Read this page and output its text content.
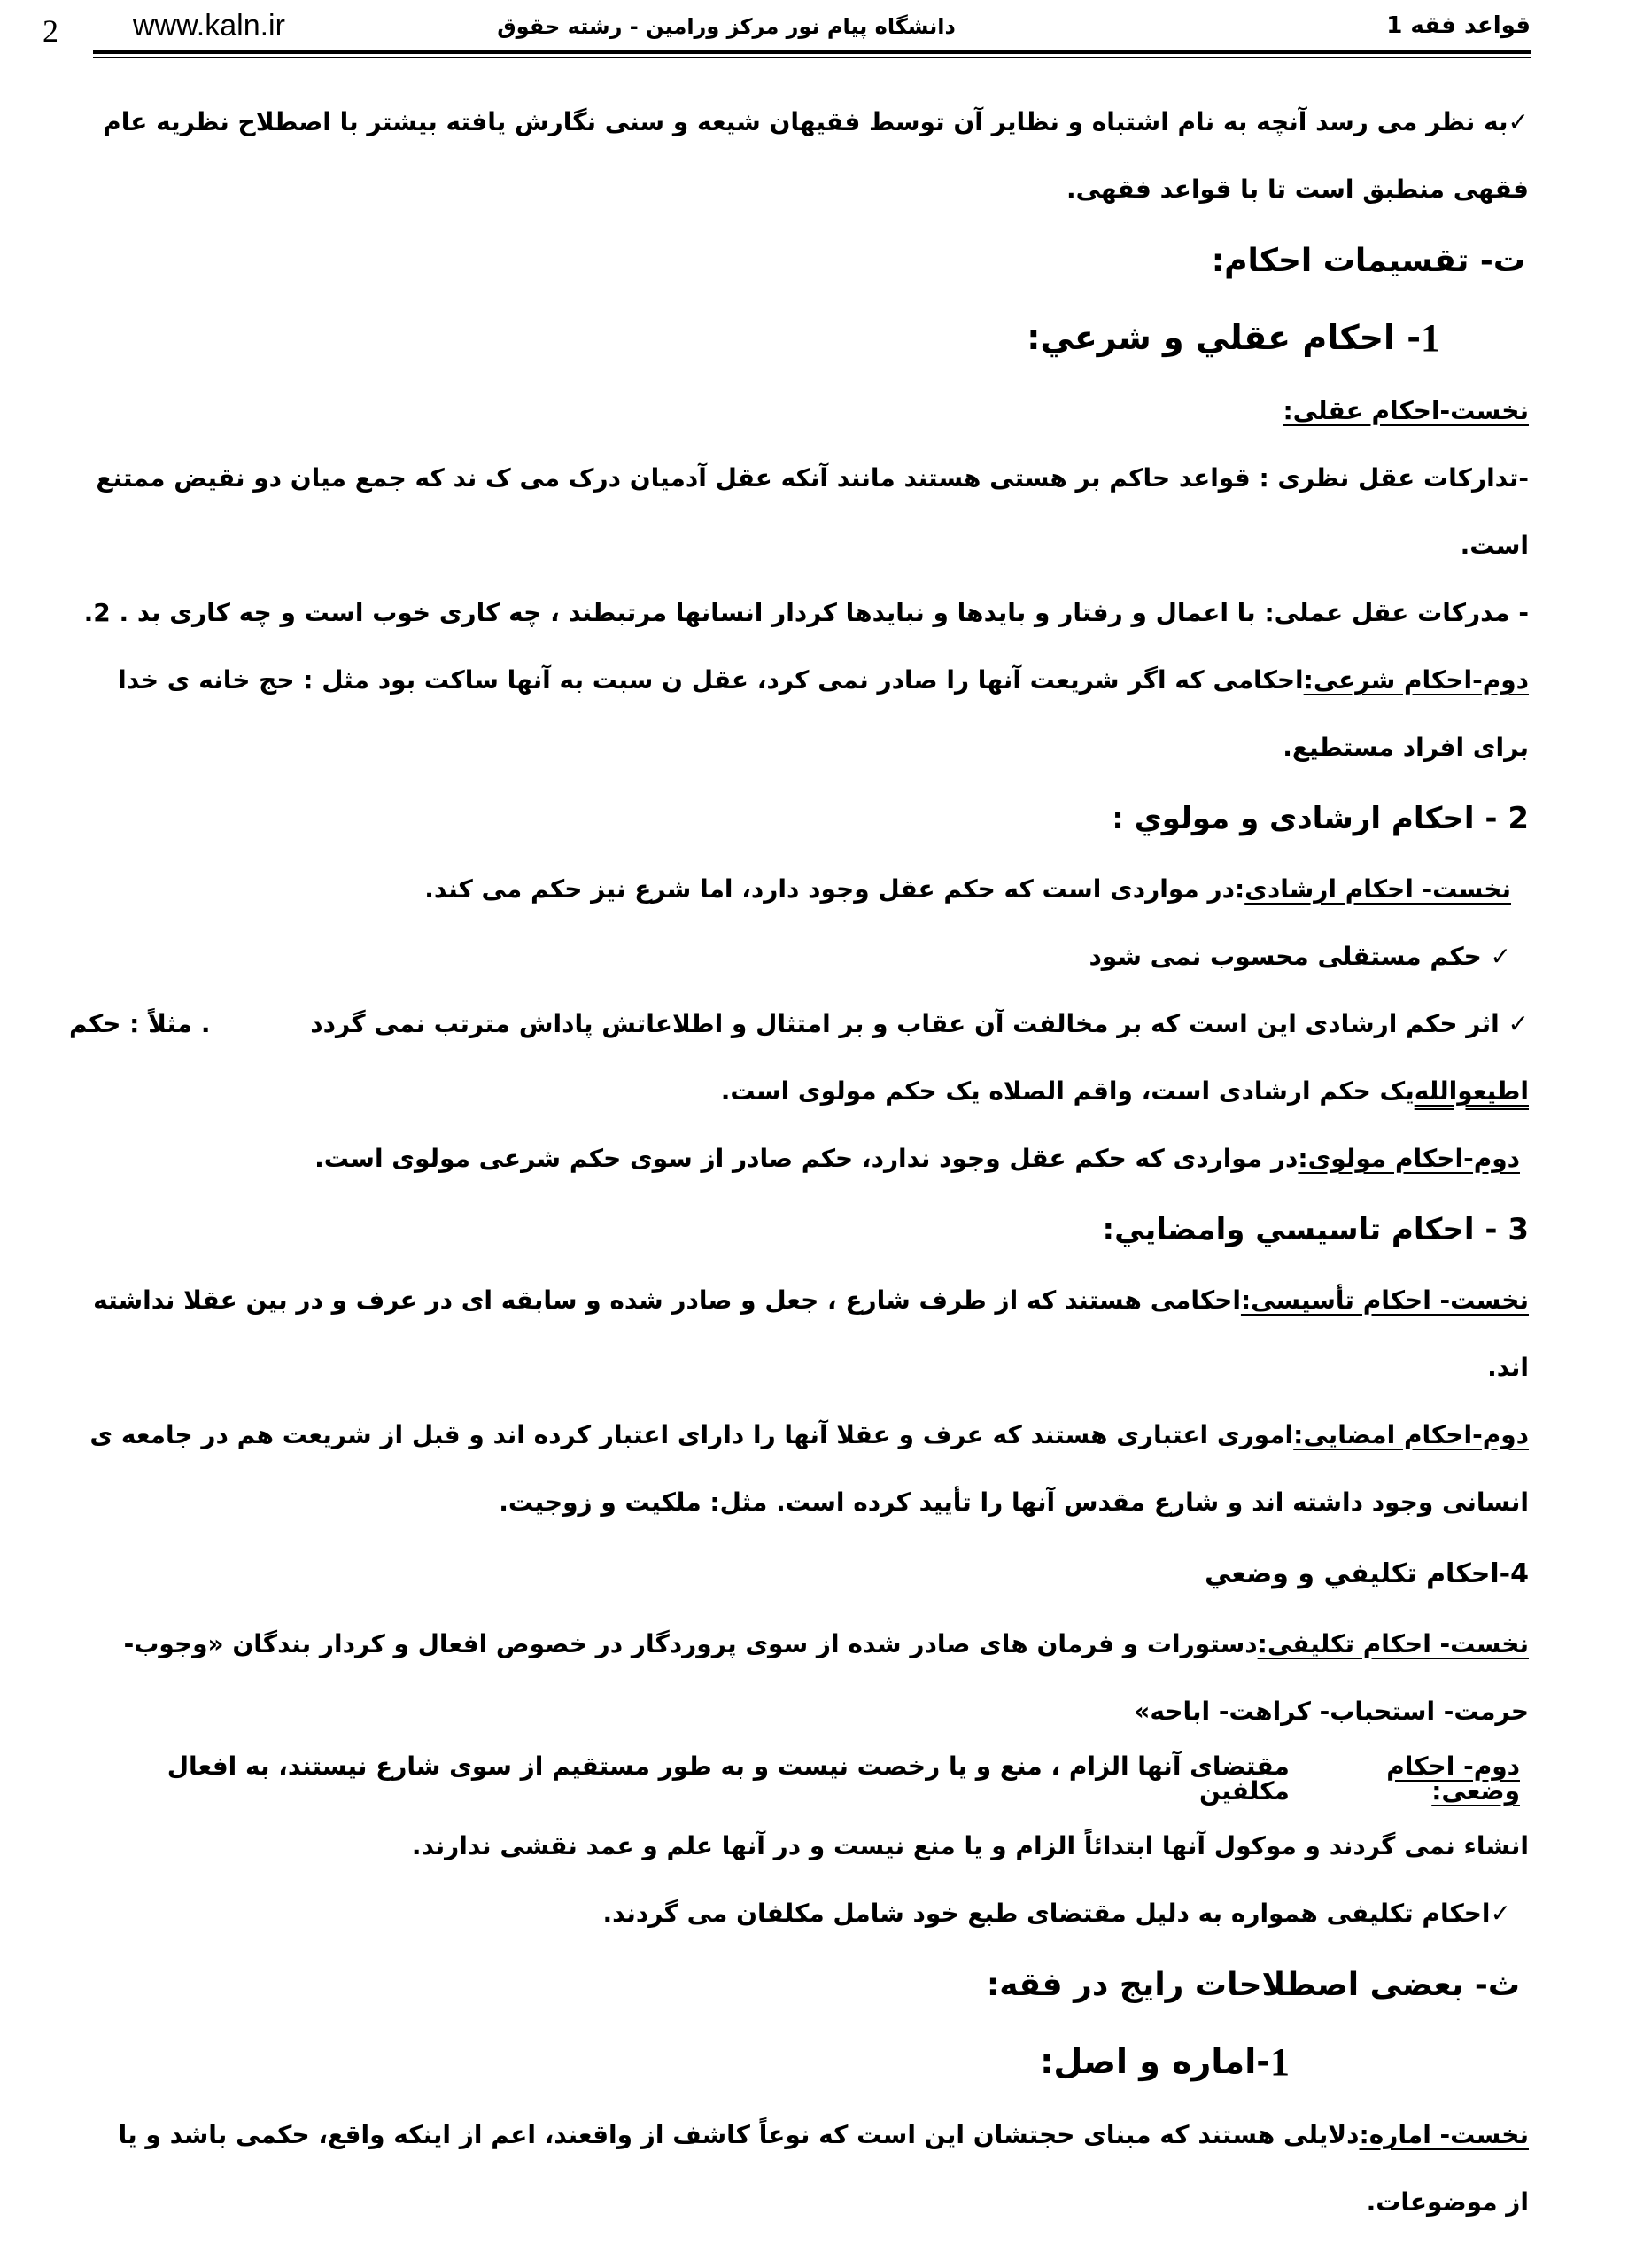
2 www.kaln.ir	دانشگاه پیام نور مرکز ورامین - رشته حقوق	قواعد فقه 1
✓به نظر می رسد آنچه به نام اشتباه و نظایر آن توسط فقیهان شیعه و سنی نگارش یافته بیشتر با اصطلاح نظریه عام
فقهی منطبق است تا با قواعد فقهی.
ت- تقسیمات احکام:
1
- احكام عقلي و شرعي:
نخست-احکام عقلی:
-تدارکات عقل نظری : قواعد حاکم بر هستی هستند مانند آنکه عقل آدمیان درک می ک ند که جمع میان دو نقیض ممتنع
است.
- مدرکات عقل عملی: با اعمال و رفتار و بایدها و نبایدها کردار انسانها مرتبطند ، چه کاری خوب است و چه کاری بد . 2.
دوم-احکام شرعی:
احکامی که اگر شریعت آنها را صادر نمی کرد، عقل ن سبت به آنها ساکت بود مثل : حج خانه ی خدا
برای افراد مستطیع.
2 - احكام ارشادی و مولوي :
نخست- احکام ارشادی
:در مواردی است که حکم عقل وجود دارد، اما شرع نیز حکم می کند.
✓ حکم مستقلی محسوب نمی شود
✓ اثر حکم ارشادی این است که بر مخالفت آن عقاب و بر امتثال و اطلاعاتش پاداش مترتب نمی گردد
. مثلاً : حکم
اطیعوالله
یک حکم ارشادی است، واقم الصلاه یک حکم مولوی است.
دوم-احکام مولوی:
در مواردی که حکم عقل وجود ندارد، حکم صادر از سوی حکم شرعی مولوی است.
3 - احكام تاسيسي وامضايي:
نخست- احکام تأسیسی:
احکامی هستند که از طرف شارع ، جعل و صادر شده و سابقه ای در عرف و در بین عقلا نداشته
اند.
دوم-احکام امضایی:
اموری اعتباری هستند که عرف و عقلا آنها را دارای اعتبار کرده اند و قبل از شریعت هم در جامعه ی
انسانی وجود داشته اند و شارع مقدس آنها را تأیید کرده است. مثل: ملکیت و زوجیت.
4-احكام تكليفي و وضعي
نخست- احکام تکلیفی:
دستورات و فرمان های صادر شده از سوی پروردگار در خصوص افعال و کردار بندگان «وجوب-
حرمت- استحباب- کراهت- اباحه»
دوم- احکام وضعی:
مقتضای آنها الزام ، منع و یا رخصت نیست و به طور مستقیم از سوی شارع نیستند، به افعال مکلفین
انشاء نمی گردند و موکول آنها ابتدائاً الزام و یا منع نیست و در آنها علم و عمد نقشی ندارند.
✓احکام تکلیفی همواره به دلیل مقتضای طبع خود شامل مکلفان می گردند.
ث- بعضی اصطلاحات رایج در فقه:
1
-اماره و اصل:
نخست- اماره:
دلایلی هستند که مبنای حجتشان این است که نوعاً کاشف از واقعند، اعم از اینکه واقع، حکمی باشد و یا
از موضوعات.
